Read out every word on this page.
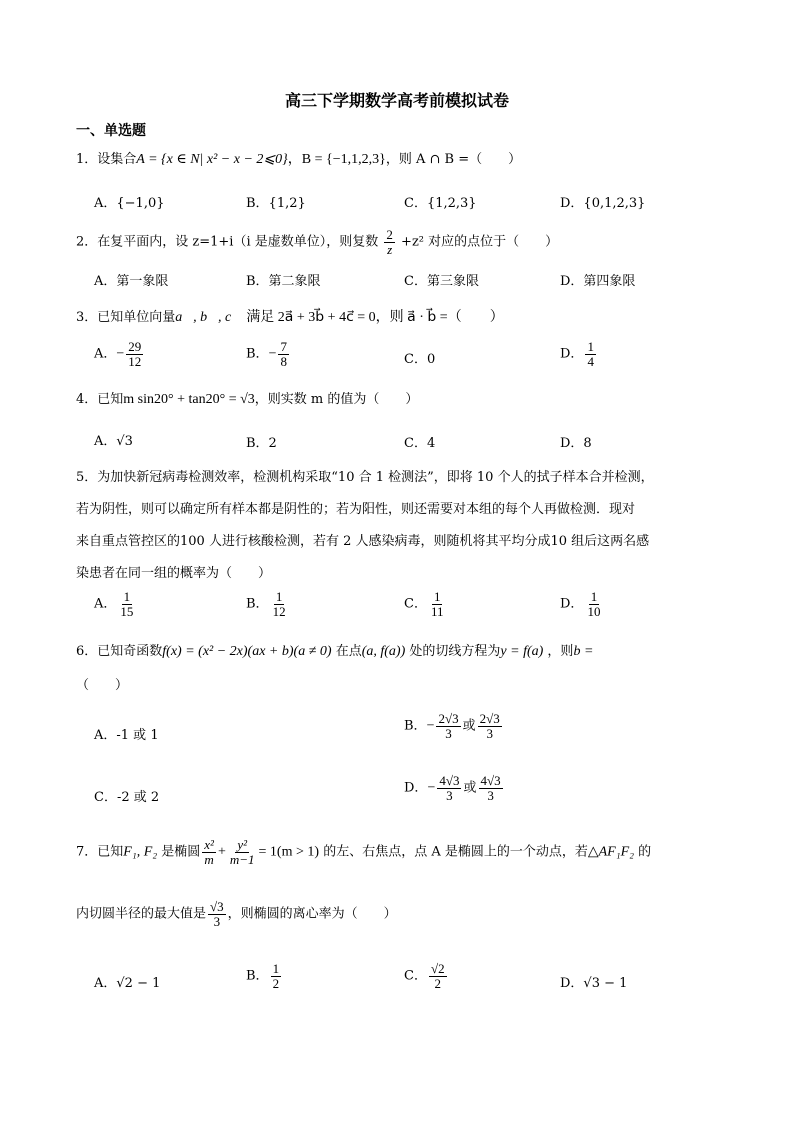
高三下学期数学高考前模拟试卷
一、单选题
1．设集合A = {x ∈ N| x² − x − 2⩽0}，B = {−1,1,2,3}，则 A ∩ B =（　　）
A．{−1,0}	B．{1,2}	C．{1,2,3}	D．{0,1,2,3}
2．在复平面内，设 z=1+i（i 是虚数单位），则复数 $\frac{2}{z} +z^2$ 对应的点位于（　　）
A．第一象限	B．第二象限	C．第三象限	D．第四象限
3．已知单位向量a⃗, b⃗, c⃗ 满足 2a⃗ + 3b⃗ + 4c⃗ = 0，则 a⃗ · b⃗ =（　　）
A．− $\frac{29}{12}$	B．− $\frac{7}{8}$	C．0	D． $\frac{1}{4}$
4．已知m sin20° + tan20° = √3，则实数 m 的值为（　　）
A．√3	B．2	C．4	D．8
5．为加快新冠病毒检测效率，检测机构采取“10 合 1 检测法”，即将 10 个人的拭子样本合并检测，
若为阴性，则可以确定所有样本都是阴性的；若为阳性，则还需要对本组的每个人再做检测．现对
来自重点管控区的100 人进行核酸检测，若有 2 人感染病毒，则随机将其平均分成10 组后这两名感
染患者在同一组的概率为（　　）
A． $\frac{1}{15}$	B． $\frac{1}{12}$	C． $\frac{1}{11}$	D． $\frac{1}{10}$
6．已知奇函数f(x) = (x² − 2x)(ax + b)(a ≠ 0) 在点(a, f(a)) 处的切线方程为y = f(a) ，则b =
（　　）
A．-1 或 1
B．− $\frac{2√3}{3}$ 或 $\frac{2√3}{3}$
C．-2 或 2
D．− $\frac{4√3}{3}$ 或 $\frac{4√3}{3}$
7．已知F₁, F₂ 是椭圆 $\frac{\text{x²}}{m} + \frac{\text{y²}}{m-1} = 1(m > 1)$ 的左、右焦点，点 A 是椭圆上的一个动点，若△AF₁F₂ 的
内切圆半径的最大值是 $\frac{√3}{3}$ ，则椭圆的离心率为（　　）
A．√2 − 1	B． $\frac{1}{2}$	C． $\frac{√2}{2}$	D．√3 − 1
